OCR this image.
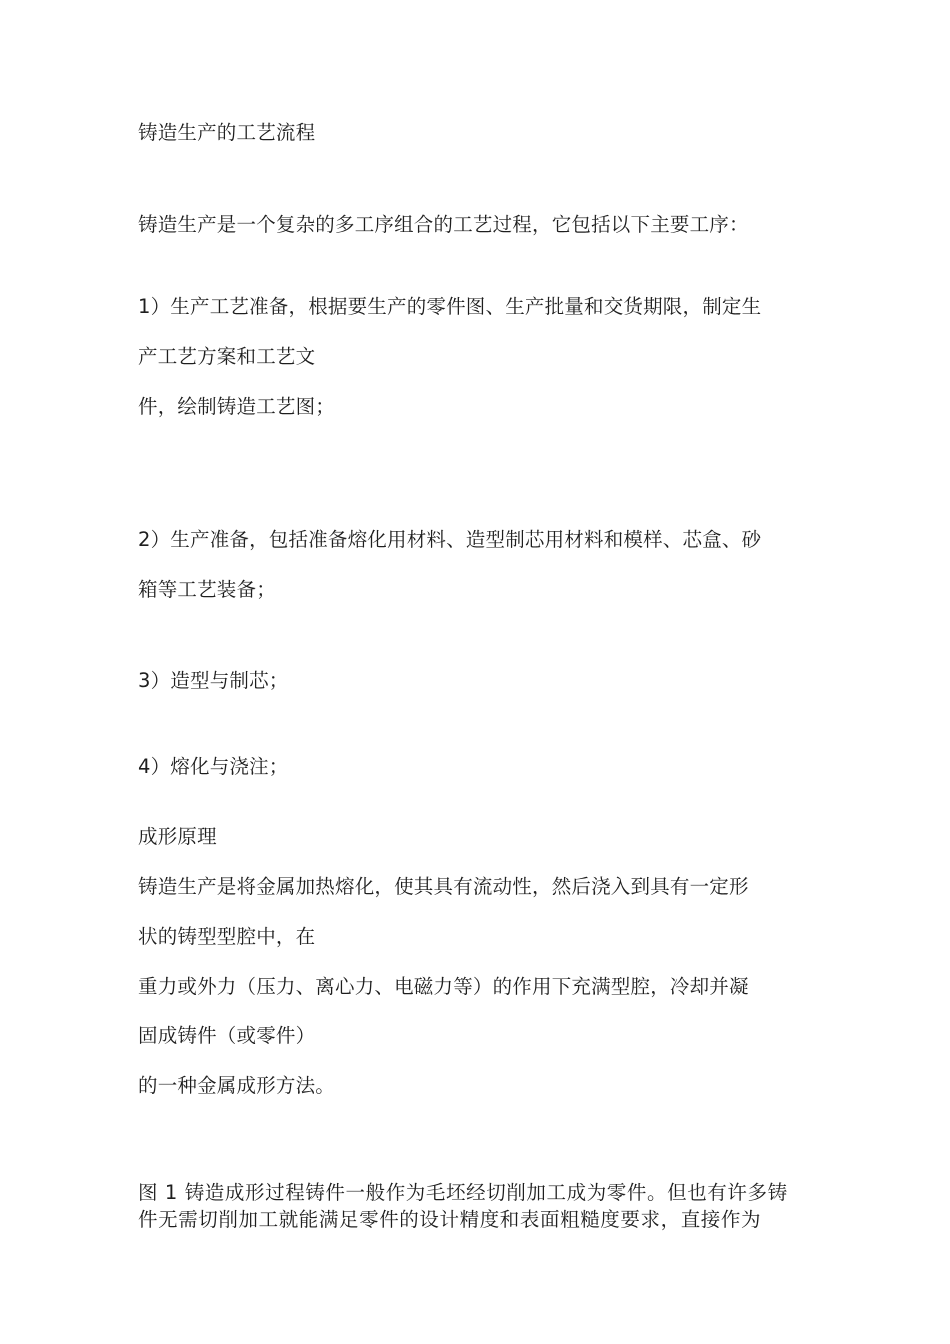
铸造生产的工艺流程
铸造生产是一个复杂的多工序组合的工艺过程，它包括以下主要工序：
1）生产工艺准备，根据要生产的零件图、生产批量和交货期限，制定生
产工艺方案和工艺文
件，绘制铸造工艺图；
2）生产准备，包括准备熔化用材料、造型制芯用材料和模样、芯盒、砂
箱等工艺装备；
3）造型与制芯；
4）熔化与浇注；
成形原理
铸造生产是将金属加热熔化，使其具有流动性，然后浇入到具有一定形
状的铸型型腔中，在
重力或外力（压力、离心力、电磁力等）的作用下充满型腔，冷却并凝
固成铸件（或零件）
的一种金属成形方法。
图 1 铸造成形过程铸件一般作为毛坯经切削加工成为零件。但也有许多铸
件无需切削加工就能满足零件的设计精度和表面粗糙度要求，直接作为
